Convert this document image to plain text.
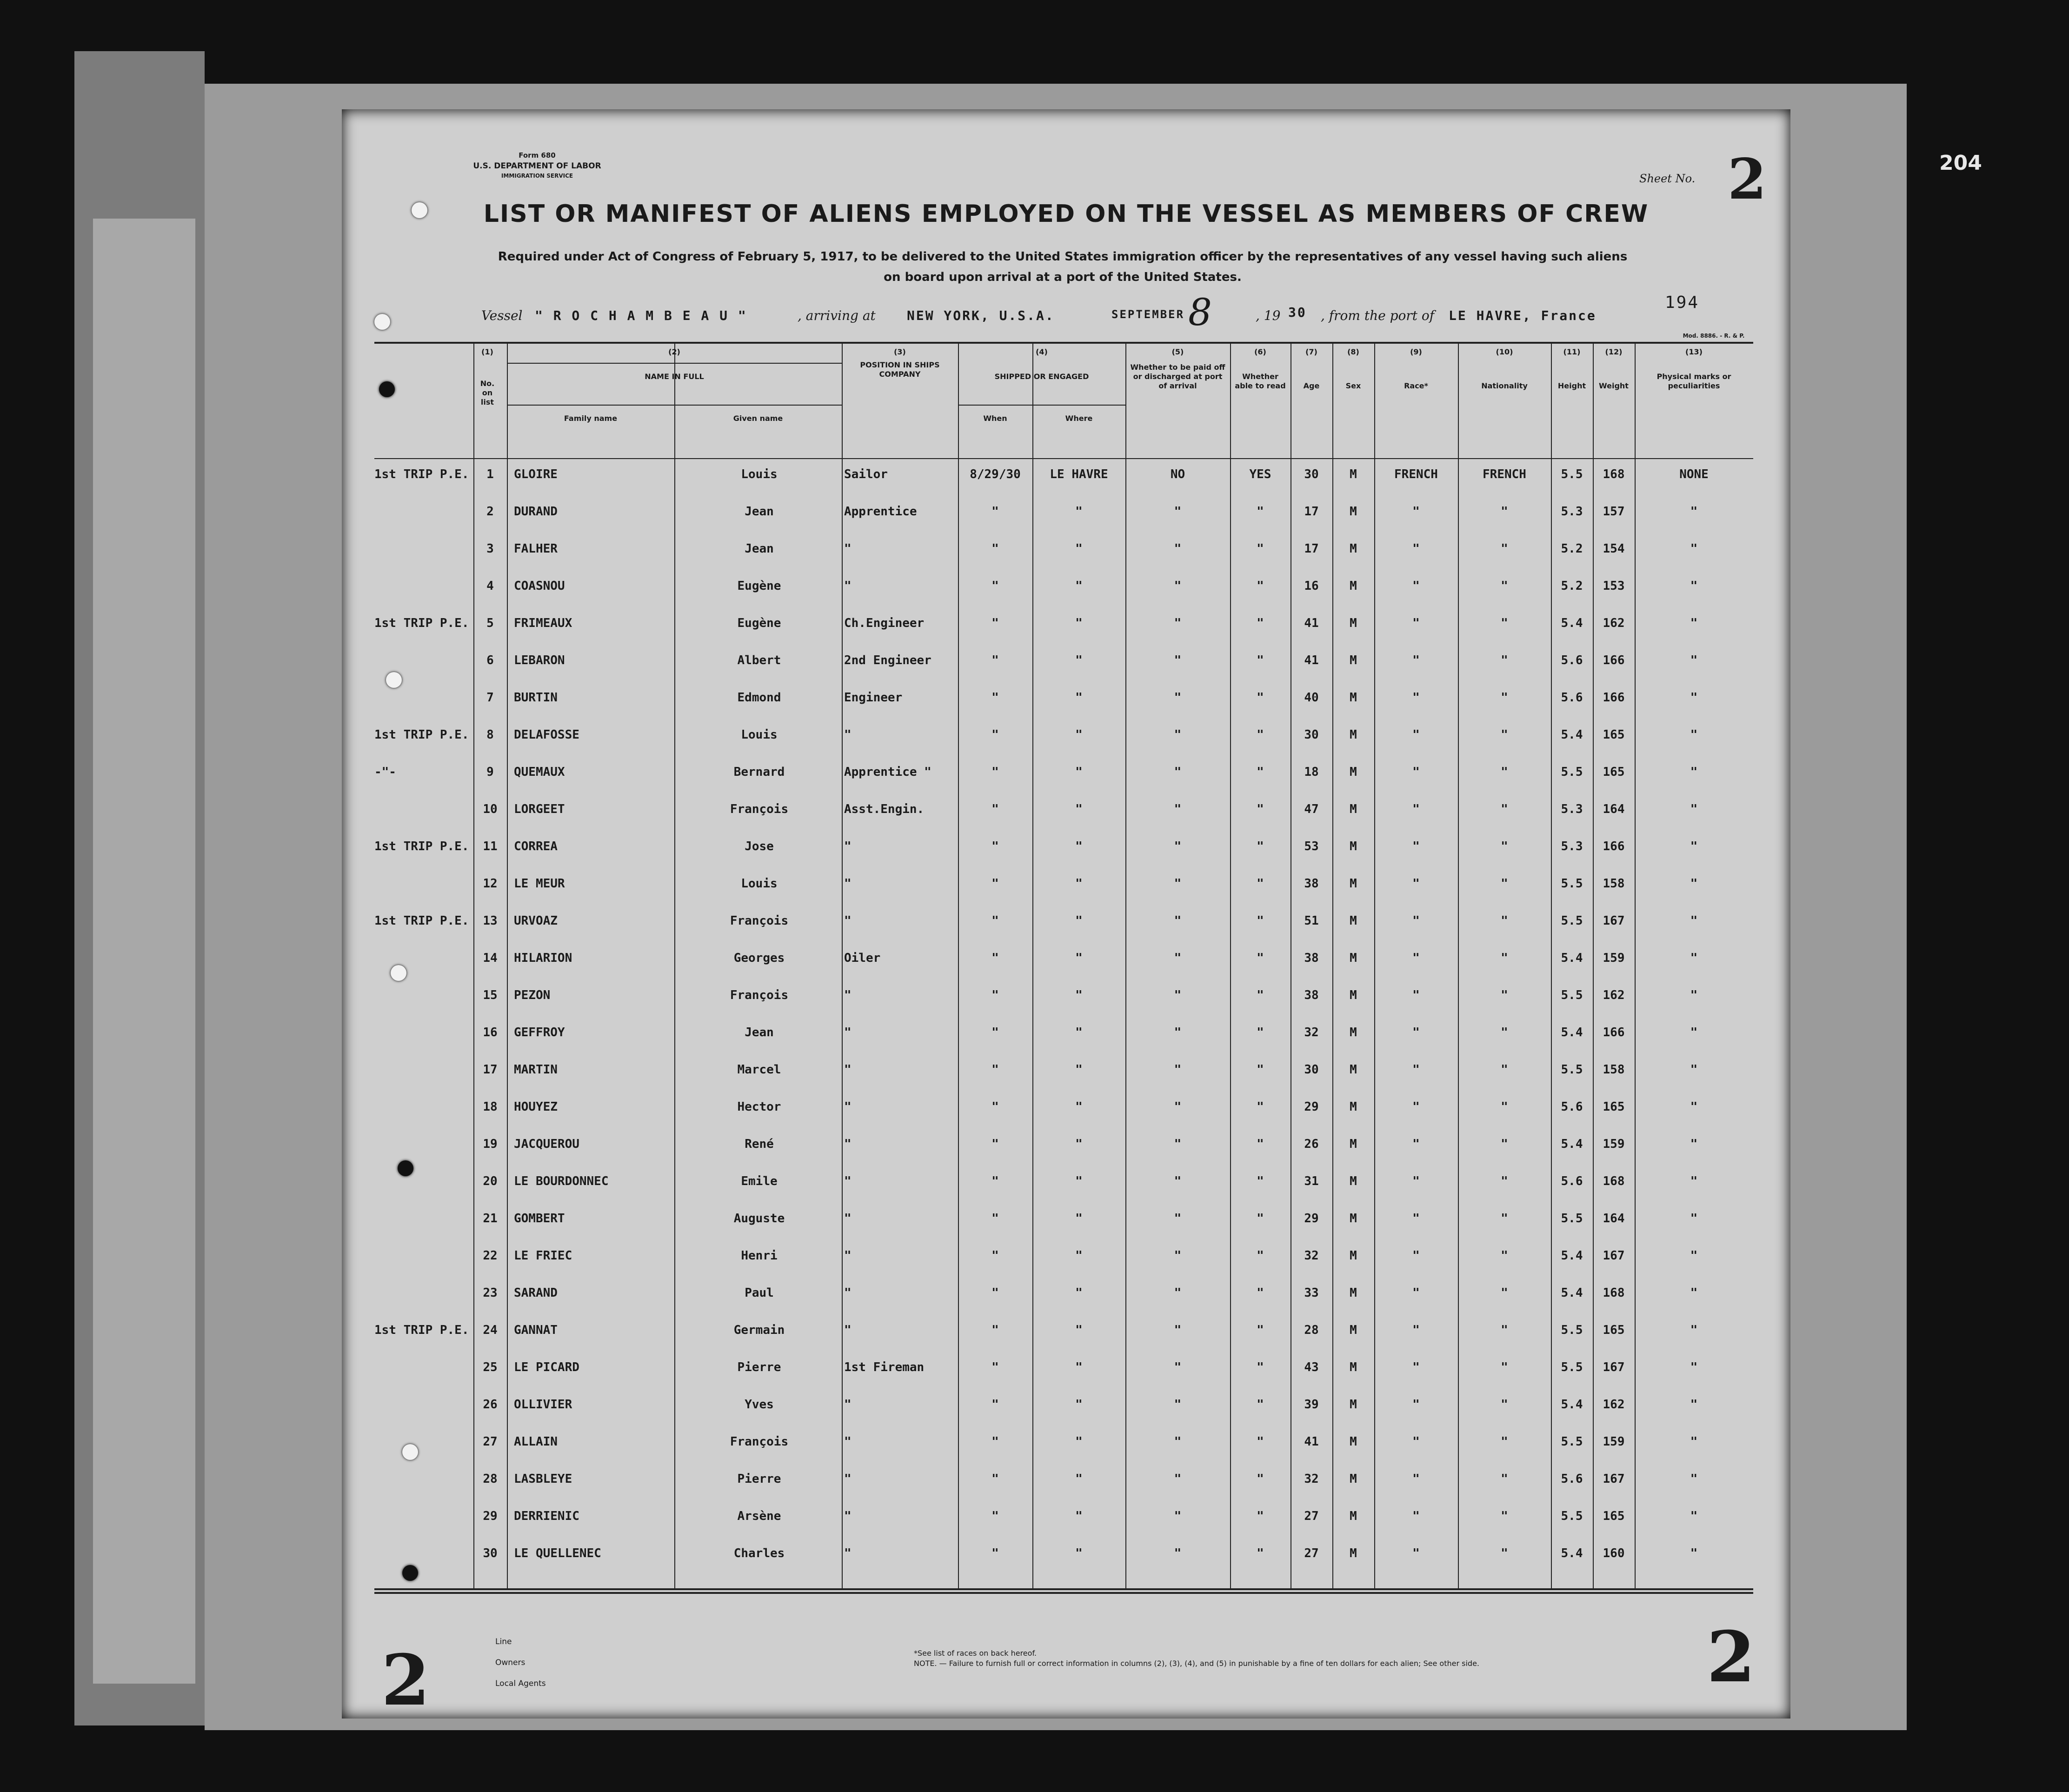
204
Form 680
U.S. DEPARTMENT OF LABOR
IMMIGRATION SERVICE	Sheet No. 2
LIST OR MANIFEST OF ALIENS EMPLOYED ON THE VESSEL AS MEMBERS OF CREW
Required under Act of Congress of February 5, 1917, to be delivered to the United States immigration officer by the representatives of any vessel having such aliens
on board upon arrival at a port of the United States.
Vessel " R O C H A M B E A U "	, arriving at NEW YORK, U.S.A.	SEPTEMBER 8	, 19 30 , from the port of LE HAVRE, France
194
Mod. 8886. - R. & P.
(1)
No. on list
(2)
NAME IN FULL
Family name	Given name
(3)
POSITION IN SHIPS COMPANY
(4)
SHIPPED OR ENGAGED
When	Where
(5)
Whether to be paid off or discharged at port of arrival
(6)
Whether able to read
(7)
Age
(8)
Sex
(9)
Race*
(10)
Nationality
(11)
Height
(12)
Weight
(13)
Physical marks or peculiarities
1st TRIP P.E.	1	GLOIRE	Louis	Sailor	8/29/30	LE HAVRE	NO	YES	30	M	FRENCH	FRENCH	5.5	168	NONE
2	DURAND	Jean	Apprentice	"	"	"	"	17	M	"	"	5.3	157	"
3	FALHER	Jean	"	"	"	"	"	17	M	"	"	5.2	154	"
4	COASNOU	Eugène	"	"	"	"	"	16	M	"	"	5.2	153	"
1st TRIP P.E.	5	FRIMEAUX	Eugène	Ch.Engineer	"	"	"	"	41	M	"	"	5.4	162	"
6	LEBARON	Albert	2nd Engineer	"	"	"	"	41	M	"	"	5.6	166	"
7	BURTIN	Edmond	Engineer	"	"	"	"	40	M	"	"	5.6	166	"
1st TRIP P.E.	8	DELAFOSSE	Louis	"	"	"	"	"	30	M	"	"	5.4	165	"
-"-	9	QUEMAUX	Bernard	Apprentice "	"	"	"	"	18	M	"	"	5.5	165	"
10	LORGEET	François	Asst.Engin.	"	"	"	"	47	M	"	"	5.3	164	"
1st TRIP P.E.	11	CORREA	Jose	"	"	"	"	"	53	M	"	"	5.3	166	"
12	LE MEUR	Louis	"	"	"	"	"	38	M	"	"	5.5	158	"
1st TRIP P.E.	13	URVOAZ	François	"	"	"	"	"	51	M	"	"	5.5	167	"
14	HILARION	Georges	Oiler	"	"	"	"	38	M	"	"	5.4	159	"
15	PEZON	François	"	"	"	"	"	38	M	"	"	5.5	162	"
16	GEFFROY	Jean	"	"	"	"	"	32	M	"	"	5.4	166	"
17	MARTIN	Marcel	"	"	"	"	"	30	M	"	"	5.5	158	"
18	HOUYEZ	Hector	"	"	"	"	"	29	M	"	"	5.6	165	"
19	JACQUEROU	René	"	"	"	"	"	26	M	"	"	5.4	159	"
20	LE BOURDONNEC	Emile	"	"	"	"	"	31	M	"	"	5.6	168	"
21	GOMBERT	Auguste	"	"	"	"	"	29	M	"	"	5.5	164	"
22	LE FRIEC	Henri	"	"	"	"	"	32	M	"	"	5.4	167	"
23	SARAND	Paul	"	"	"	"	"	33	M	"	"	5.4	168	"
1st TRIP P.E.	24	GANNAT	Germain	"	"	"	"	"	28	M	"	"	5.5	165	"
25	LE PICARD	Pierre	1st Fireman	"	"	"	"	43	M	"	"	5.5	167	"
26	OLLIVIER	Yves	"	"	"	"	"	39	M	"	"	5.4	162	"
27	ALLAIN	François	"	"	"	"	"	41	M	"	"	5.5	159	"
28	LASBLEYE	Pierre	"	"	"	"	"	32	M	"	"	5.6	167	"
29	DERRIENIC	Arsène	"	"	"	"	"	27	M	"	"	5.5	165	"
30	LE QUELLENEC	Charles	"	"	"	"	"	27	M	"	"	5.4	160	"
2	2
Line
Owners
Local Agents
*See list of races on back hereof.
NOTE. — Failure to furnish full or correct information in columns (2), (3), (4), and (5) in punishable by a fine of ten dollars for each alien; See other side.
